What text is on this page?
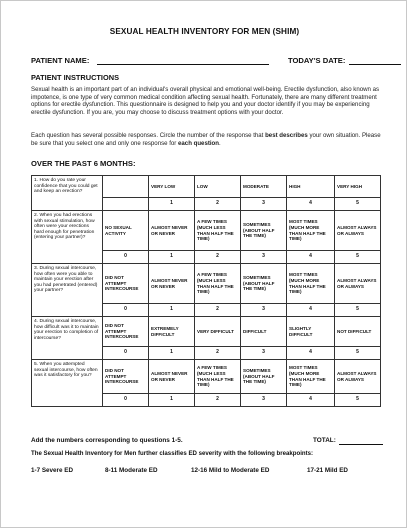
SEXUAL HEALTH INVENTORY FOR MEN (SHIM)
PATIENT NAME:	TODAY'S DATE:
PATIENT INSTRUCTIONS
Sexual health is an important part of an individual's overall physical and emotional well-being. Erectile dysfunction, also known as impotence, is one type of very common medical condition affecting sexual health. Fortunately, there are many different treatment options for erectile dysfunction. This questionnaire is designed to help you and your doctor identify if you may be experiencing erectile dysfunction. If you are, you may choose to discuss treatment options with your doctor.
Each question has several possible responses. Circle the number of the response that best describes your own situation. Please be sure that you select one and only one response for each question.
OVER THE PAST 6 MONTHS:
1. How do you rate your confidence that you could get and keep an erection?		VERY LOW	LOW	MODERATE	HIGH	VERY HIGH
		1	2	3	4	5
2. When you had erections with sexual stimulation, how often were your erections hard enough for penetration (entering your partner)?	NO SEXUAL ACTIVITY	ALMOST NEVER OR NEVER	A FEW TIMES (MUCH LESS THAN HALF THE TIME)	SOMETIMES (ABOUT HALF THE TIME)	MOST TIMES (MUCH MORE THAN HALF THE TIME)	ALMOST ALWAYS OR ALWAYS
	0	1	2	3	4	5
3. During sexual intercourse, how often were you able to maintain your erection after you had penetrated (entered) your partner?	DID NOT ATTEMPT INTERCOURSE	ALMOST NEVER OR NEVER	A FEW TIMES (MUCH LESS THAN HALF THE TIME)	SOMETIMES (ABOUT HALF THE TIME)	MOST TIMES (MUCH MORE THAN HALF THE TIME)	ALMOST ALWAYS OR ALWAYS
	0	1	2	3	4	5
4. During sexual intercourse, how difficult was it to maintain your erection to completion of intercourse?	DID NOT ATTEMPT INTERCOURSE	EXTREMELY DIFFICULT	VERY DIFFICULT	DIFFICULT	SLIGHTLY DIFFICULT	NOT DIFFICULT
	0	1	2	3	4	5
5. When you attempted sexual intercourse, how often was it satisfactory for you?	DID NOT ATTEMPT INTERCOURSE	ALMOST NEVER OR NEVER	A FEW TIMES (MUCH LESS THAN HALF THE TIME)	SOMETIMES (ABOUT HALF THE TIME)	MOST TIMES (MUCH MORE THAN HALF THE TIME)	ALMOST ALWAYS OR ALWAYS
	0	1	2	3	4	5
Add the numbers corresponding to questions 1-5.	TOTAL:
The Sexual Health Inventory for Men further classifies ED severity with the following breakpoints:
1-7 Severe ED	8-11 Moderate ED	12-16 Mild to Moderate ED	17-21 Mild ED
